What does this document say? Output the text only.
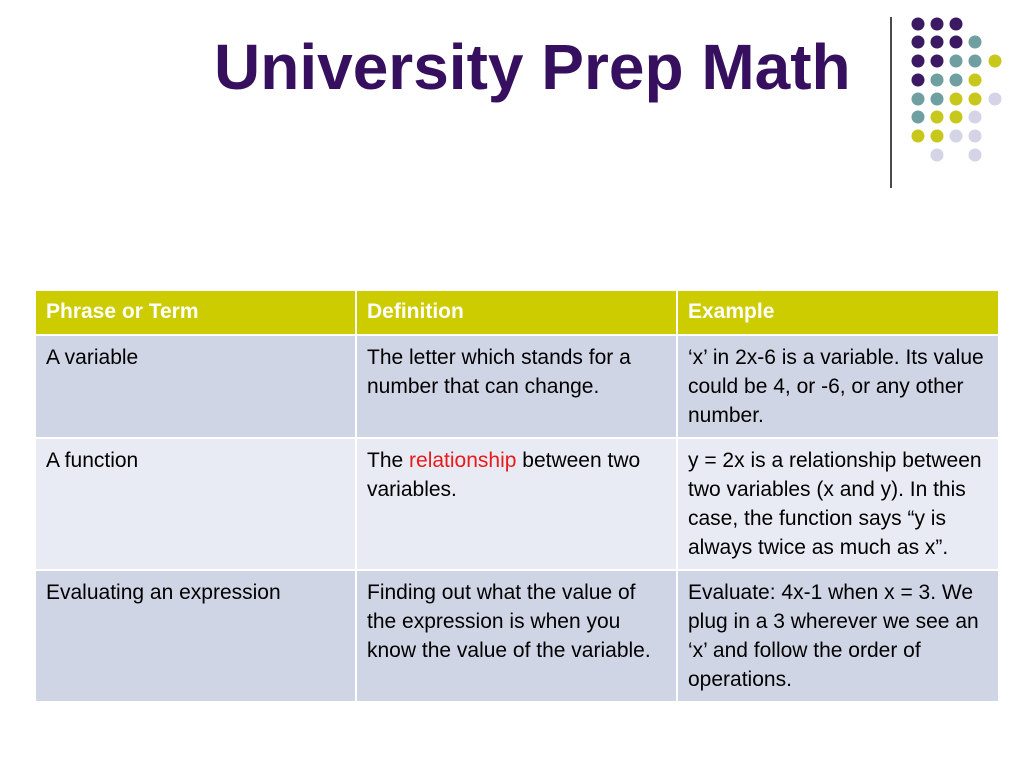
University Prep Math
Phrase or Term	Definition	Example
A variable	The letter which stands for a number that can change.	‘x’ in 2x-6 is a variable. Its value could be 4, or -6, or any other number.
A function	The relationship between two variables.	y = 2x is a relationship between two variables (x and y). In this case, the function says “y is always twice as much as x”.
Evaluating an expression	Finding out what the value of the expression is when you know the value of the variable.	Evaluate: 4x-1 when x = 3. We plug in a 3 wherever we see an ‘x’ and follow the order of operations.
